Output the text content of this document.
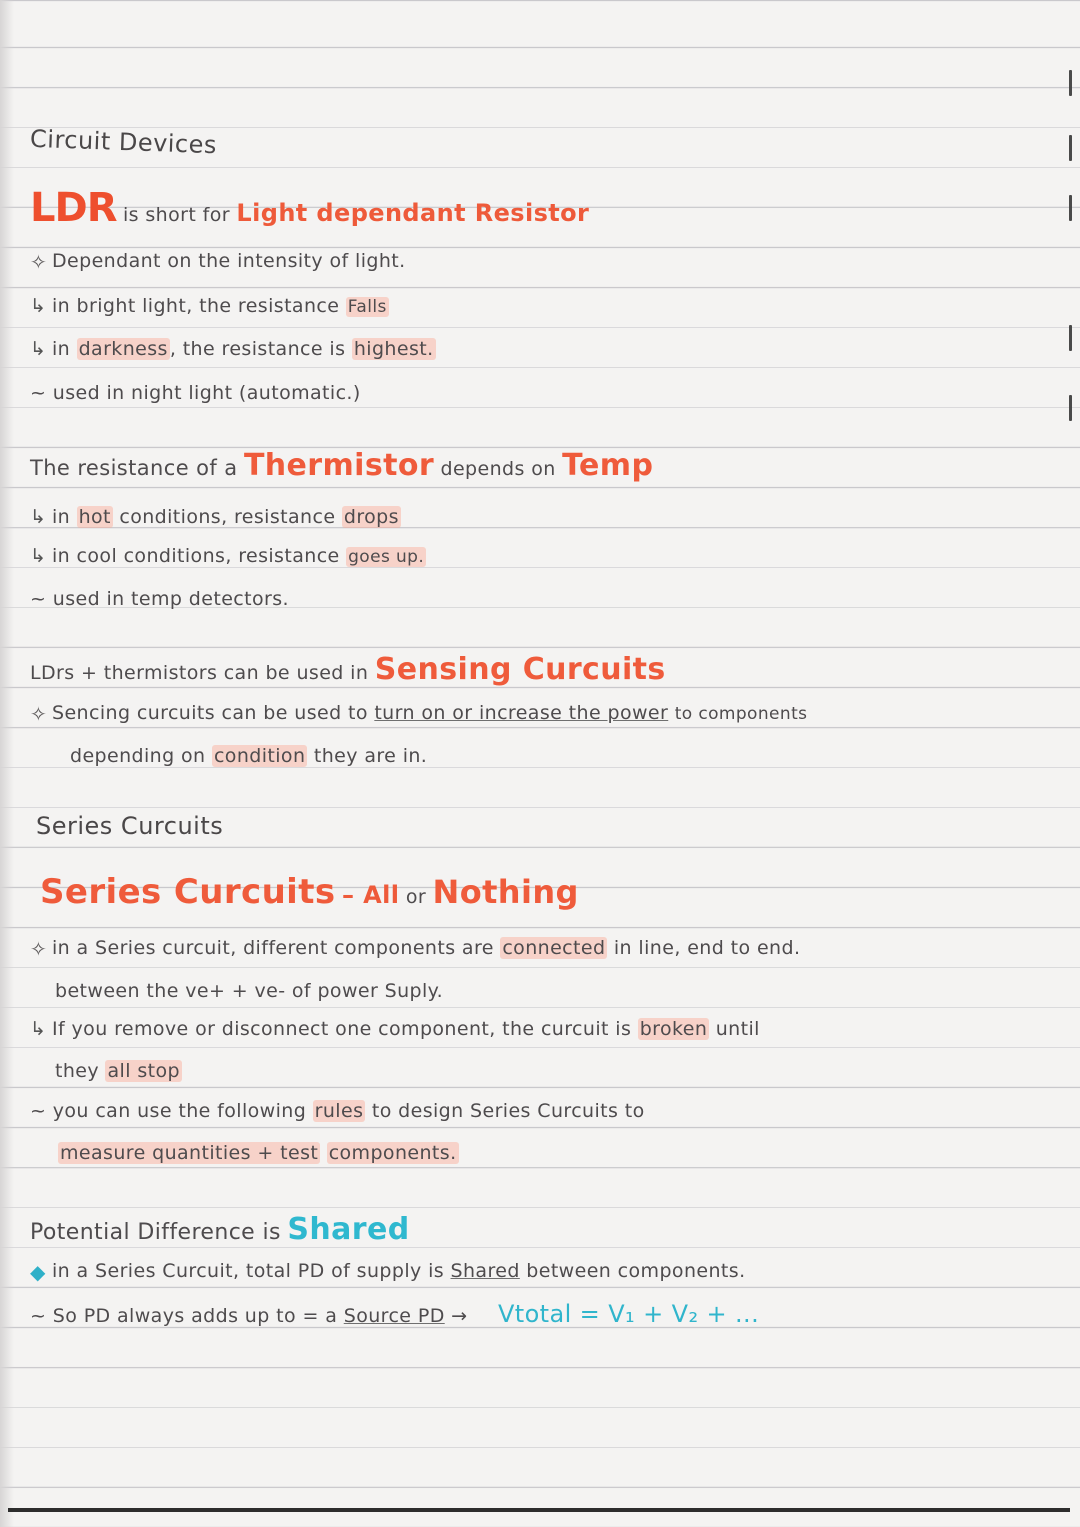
Circuit Devices
LDR is short for Light dependant Resistor
✧ Dependant on the intensity of light.
↳ in bright light, the resistance Falls
↳ in darkness , the resistance is highest.
~ used in night light (automatic.)
The resistance of a Thermistor depends on Temp
↳ in hot conditions, resistance drops
↳ in cool conditions, resistance goes up.
~ used in temp detectors.
LDrs + thermistors can be used in Sensing Curcuits
✧ Sencing curcuits can be used to turn on or increase the power to components
depending on condition they are in.
Series Curcuits
Series Curcuits – All or Nothing
✧ in a Series curcuit, different components are connected in line, end to end.
between the ve+ + ve- of power Suply.
↳ If you remove or disconnect one component, the curcuit is broken until
they all stop
~ you can use the following rules to design Series Curcuits to
measure quantities + test components.
Potential Difference is Shared
◆ in a Series Curcuit, total PD of supply is Shared between components.
~ So PD always adds up to = a Source PD → Vtotal = V₁ + V₂ + ...
